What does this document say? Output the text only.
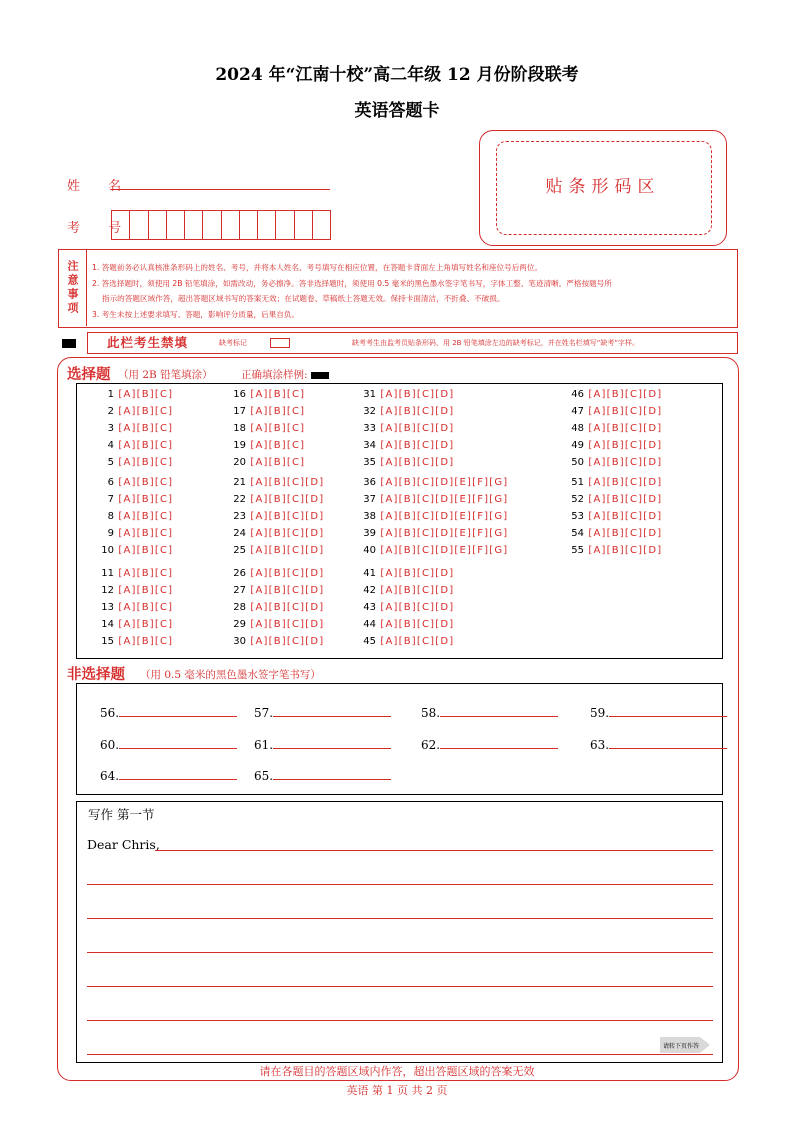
2024 年“江南十校”高二年级 12 月份阶段联考
英语答题卡
姓 名
考 号
贴条形码区
注意事项 1. 答题前务必认真核准条形码上的姓名、考号，并将本人姓名、考号填写在相应位置，在答题卡背面左上角填写姓名和座位号后两位。
2. 答选择题时，须使用 2B 铅笔填涂，如需改动，务必擦净。答非选择题时，须使用 0.5 毫米的黑色墨水签字笔书写，字体工整、笔迹清晰。严格按题号所
指示的答题区域作答，超出答题区域书写的答案无效；在试题卷、草稿纸上答题无效。保持卡面清洁，不折叠、不破损。
3. 考生未按上述要求填写、答题，影响评分质量，后果自负。
此栏考生禁填	缺考标记	缺考考生由监考员贴条形码，用 2B 铅笔填涂左边的缺考标记，并在姓名栏填写“缺考”字样。
选择题 （用 2B 铅笔填涂）	正确填涂样例:
1 [A][B][C]
2 [A][B][C]
3 [A][B][C]
4 [A][B][C]
5 [A][B][C]
6 [A][B][C]
7 [A][B][C]
8 [A][B][C]
9 [A][B][C]
10 [A][B][C]
11 [A][B][C]
12 [A][B][C]
13 [A][B][C]
14 [A][B][C]
15 [A][B][C]
16 [A][B][C]
17 [A][B][C]
18 [A][B][C]
19 [A][B][C]
20 [A][B][C]
21 [A][B][C][D]
22 [A][B][C][D]
23 [A][B][C][D]
24 [A][B][C][D]
25 [A][B][C][D]
26 [A][B][C][D]
27 [A][B][C][D]
28 [A][B][C][D]
29 [A][B][C][D]
30 [A][B][C][D]
31 [A][B][C][D]
32 [A][B][C][D]
33 [A][B][C][D]
34 [A][B][C][D]
35 [A][B][C][D]
36 [A][B][C][D][E][F][G]
37 [A][B][C][D][E][F][G]
38 [A][B][C][D][E][F][G]
39 [A][B][C][D][E][F][G]
40 [A][B][C][D][E][F][G]
41 [A][B][C][D]
42 [A][B][C][D]
43 [A][B][C][D]
44 [A][B][C][D]
45 [A][B][C][D]
46 [A][B][C][D]
47 [A][B][C][D]
48 [A][B][C][D]
49 [A][B][C][D]
50 [A][B][C][D]
51 [A][B][C][D]
52 [A][B][C][D]
53 [A][B][C][D]
54 [A][B][C][D]
55 [A][B][C][D]
非选择题 （用 0.5 毫米的黑色墨水签字笔书写）
56.	57.	58.	59.
60.	61.	62.	63.
64.	65.
写作 第一节
Dear Chris,
请转下页作答
请在各题目的答题区域内作答，超出答题区域的答案无效
英语 第 1 页 共 2 页
